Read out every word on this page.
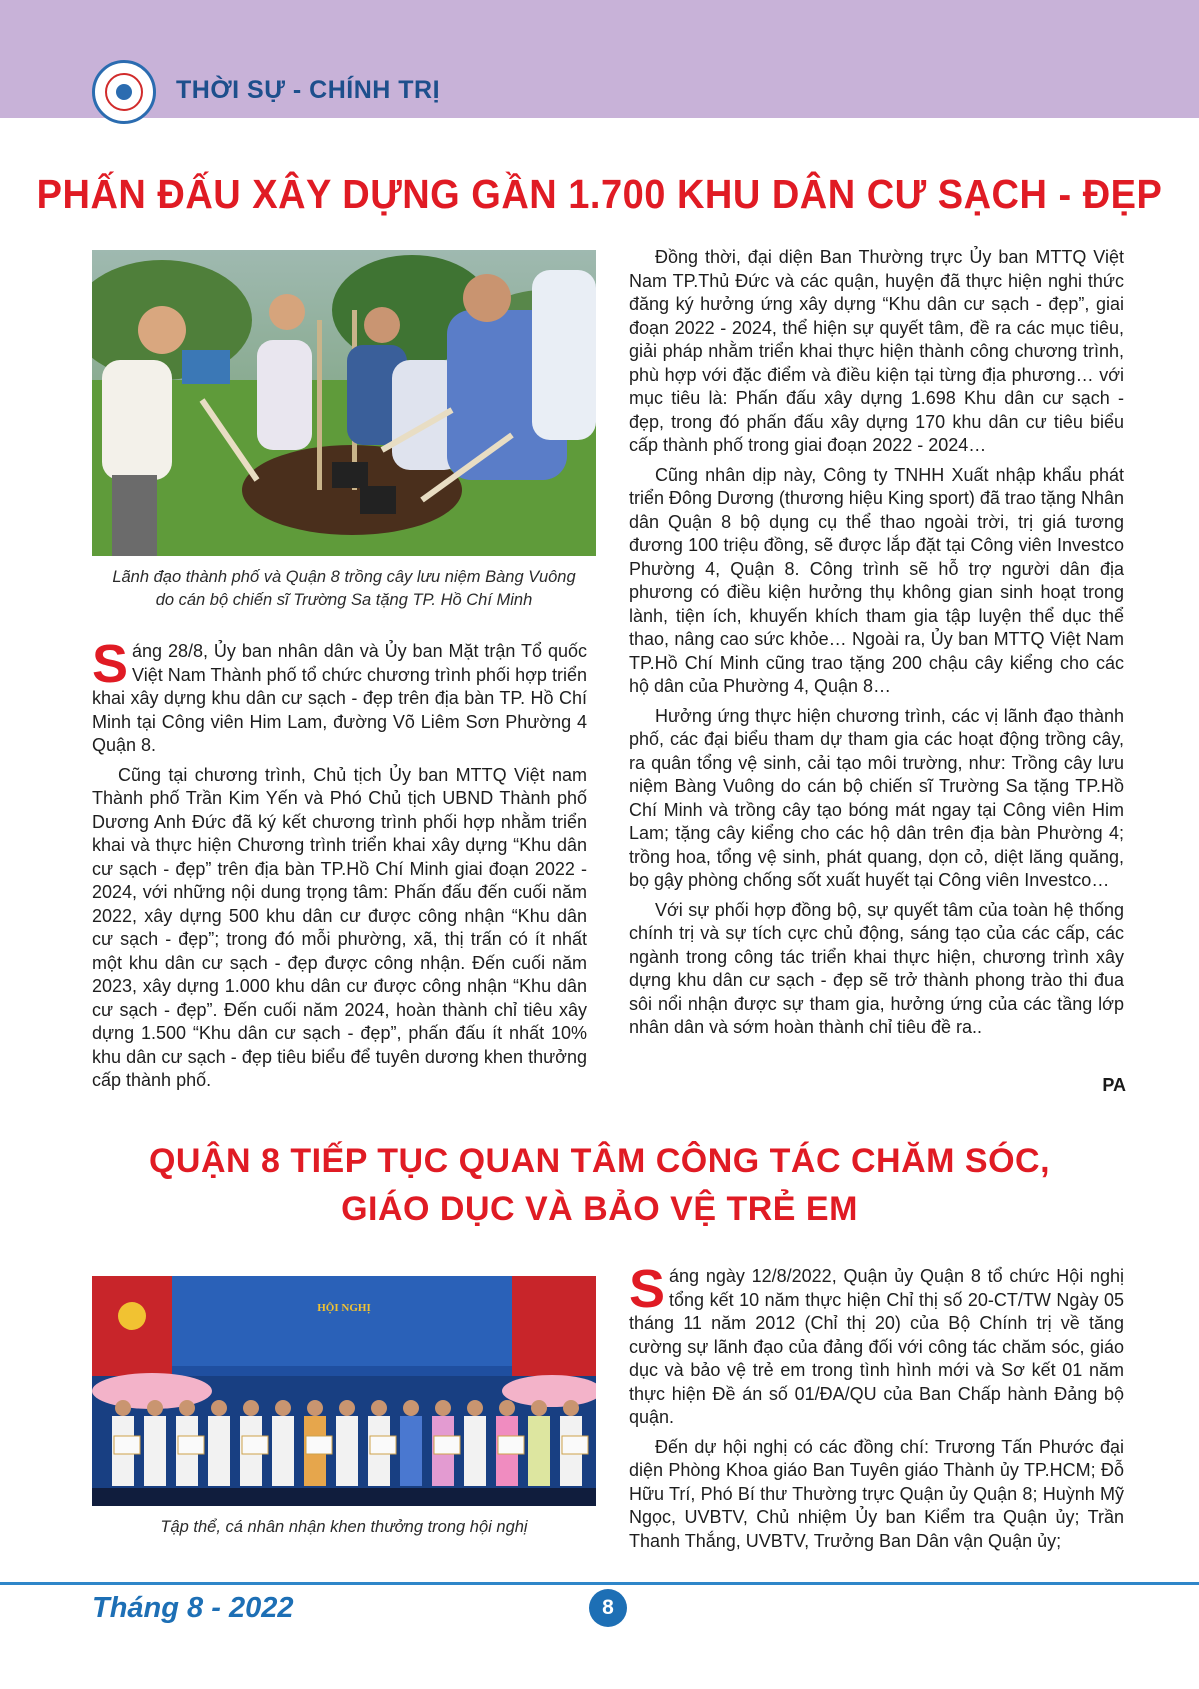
THỜI SỰ - CHÍNH TRỊ
PHẤN ĐẤU XÂY DỰNG GẦN 1.700 KHU DÂN CƯ SẠCH - ĐẸP
Lãnh đạo thành phố và Quận 8 trồng cây lưu niệm Bàng Vuông
do cán bộ chiến sĩ Trường Sa tặng TP. Hồ Chí Minh

Sáng 28/8, Ủy ban nhân dân và Ủy ban Mặt trận Tổ quốc Việt Nam Thành phố tổ chức chương trình phối hợp triển khai xây dựng khu dân cư sạch - đẹp trên địa bàn TP. Hồ Chí Minh tại Công viên Him Lam, đường Võ Liêm Sơn Phường 4 Quận 8.

Cũng tại chương trình, Chủ tịch Ủy ban MTTQ Việt nam Thành phố Trần Kim Yến và Phó Chủ tịch UBND Thành phố Dương Anh Đức đã ký kết chương trình phối hợp nhằm triển khai và thực hiện Chương trình triển khai xây dựng “Khu dân cư sạch - đẹp” trên địa bàn TP.Hồ Chí Minh giai đoạn 2022 - 2024, với những nội dung trọng tâm: Phấn đấu đến cuối năm 2022, xây dựng 500 khu dân cư được công nhận “Khu dân cư sạch - đẹp”; trong đó mỗi phường, xã, thị trấn có ít nhất một khu dân cư sạch - đẹp được công nhận. Đến cuối năm 2023, xây dựng 1.000 khu dân cư được công nhận “Khu dân cư sạch - đẹp”. Đến cuối năm 2024, hoàn thành chỉ tiêu xây dựng 1.500 “Khu dân cư sạch - đẹp”, phấn đấu ít nhất 10% khu dân cư sạch - đẹp tiêu biểu để tuyên dương khen thưởng cấp thành phố.

Đồng thời, đại diện Ban Thường trực Ủy ban MTTQ Việt Nam TP.Thủ Đức và các quận, huyện đã thực hiện nghi thức đăng ký hưởng ứng xây dựng “Khu dân cư sạch - đẹp”, giai đoạn 2022 - 2024, thể hiện sự quyết tâm, đề ra các mục tiêu, giải pháp nhằm triển khai thực hiện thành công chương trình, phù hợp với đặc điểm và điều kiện tại từng địa phương… với mục tiêu là: Phấn đấu xây dựng 1.698 Khu dân cư sạch - đẹp, trong đó phấn đấu xây dựng 170 khu dân cư tiêu biểu cấp thành phố trong giai đoạn 2022 - 2024…

Cũng nhân dịp này, Công ty TNHH Xuất nhập khẩu phát triển Đông Dương (thương hiệu King sport) đã trao tặng Nhân dân Quận 8 bộ dụng cụ thể thao ngoài trời, trị giá tương đương 100 triệu đồng, sẽ được lắp đặt tại Công viên Investco Phường 4, Quận 8. Công trình sẽ hỗ trợ người dân địa phương có điều kiện hưởng thụ không gian sinh hoạt trong lành, tiện ích, khuyến khích tham gia tập luyện thể dục thể thao, nâng cao sức khỏe… Ngoài ra, Ủy ban MTTQ Việt Nam TP.Hồ Chí Minh cũng trao tặng 200 chậu cây kiểng cho các hộ dân của Phường 4, Quận 8…

Hưởng ứng thực hiện chương trình, các vị lãnh đạo thành phố, các đại biểu tham dự tham gia các hoạt động trồng cây, ra quân tổng vệ sinh, cải tạo môi trường, như: Trồng cây lưu niệm Bàng Vuông do cán bộ chiến sĩ Trường Sa tặng TP.Hồ Chí Minh và trồng cây tạo bóng mát ngay tại Công viên Him Lam; tặng cây kiểng cho các hộ dân trên địa bàn Phường 4; trồng hoa, tổng vệ sinh, phát quang, dọn cỏ, diệt lăng quăng, bọ gậy phòng chống sốt xuất huyết tại Công viên Investco…

Với sự phối hợp đồng bộ, sự quyết tâm của toàn hệ thống chính trị và sự tích cực chủ động, sáng tạo của các cấp, các ngành trong công tác triển khai thực hiện, chương trình xây dựng khu dân cư sạch - đẹp sẽ trở thành phong trào thi đua sôi nổi nhận được sự tham gia, hưởng ứng của các tầng lớp nhân dân và sớm hoàn thành chỉ tiêu đề ra..

PA
QUẬN 8 TIẾP TỤC QUAN TÂM CÔNG TÁC CHĂM SÓC,
GIÁO DỤC VÀ BẢO VỆ TRẺ EM
HỘI NGHỊ
Tập thể, cá nhân nhận khen thưởng trong hội nghị

Sáng ngày 12/8/2022, Quận ủy Quận 8 tổ chức Hội nghị tổng kết 10 năm thực hiện Chỉ thị số 20-CT/TW Ngày 05 tháng 11 năm 2012 (Chỉ thị 20) của Bộ Chính trị về tăng cường sự lãnh đạo của đảng đối với công tác chăm sóc, giáo dục và bảo vệ trẻ em trong tình hình mới và Sơ kết 01 năm thực hiện Đề án số 01/ĐA/QU của Ban Chấp hành Đảng bộ quận.

Đến dự hội nghị có các đồng chí: Trương Tấn Phước đại diện Phòng Khoa giáo Ban Tuyên giáo Thành ủy TP.HCM; Đỗ Hữu Trí, Phó Bí thư Thường trực Quận ủy Quận 8; Huỳnh Mỹ Ngọc, UVBTV, Chủ nhiệm Ủy ban Kiểm tra Quận ủy; Trần Thanh Thắng, UVBTV, Trưởng Ban Dân vận Quận ủy;

Tháng 8 - 2022	8
